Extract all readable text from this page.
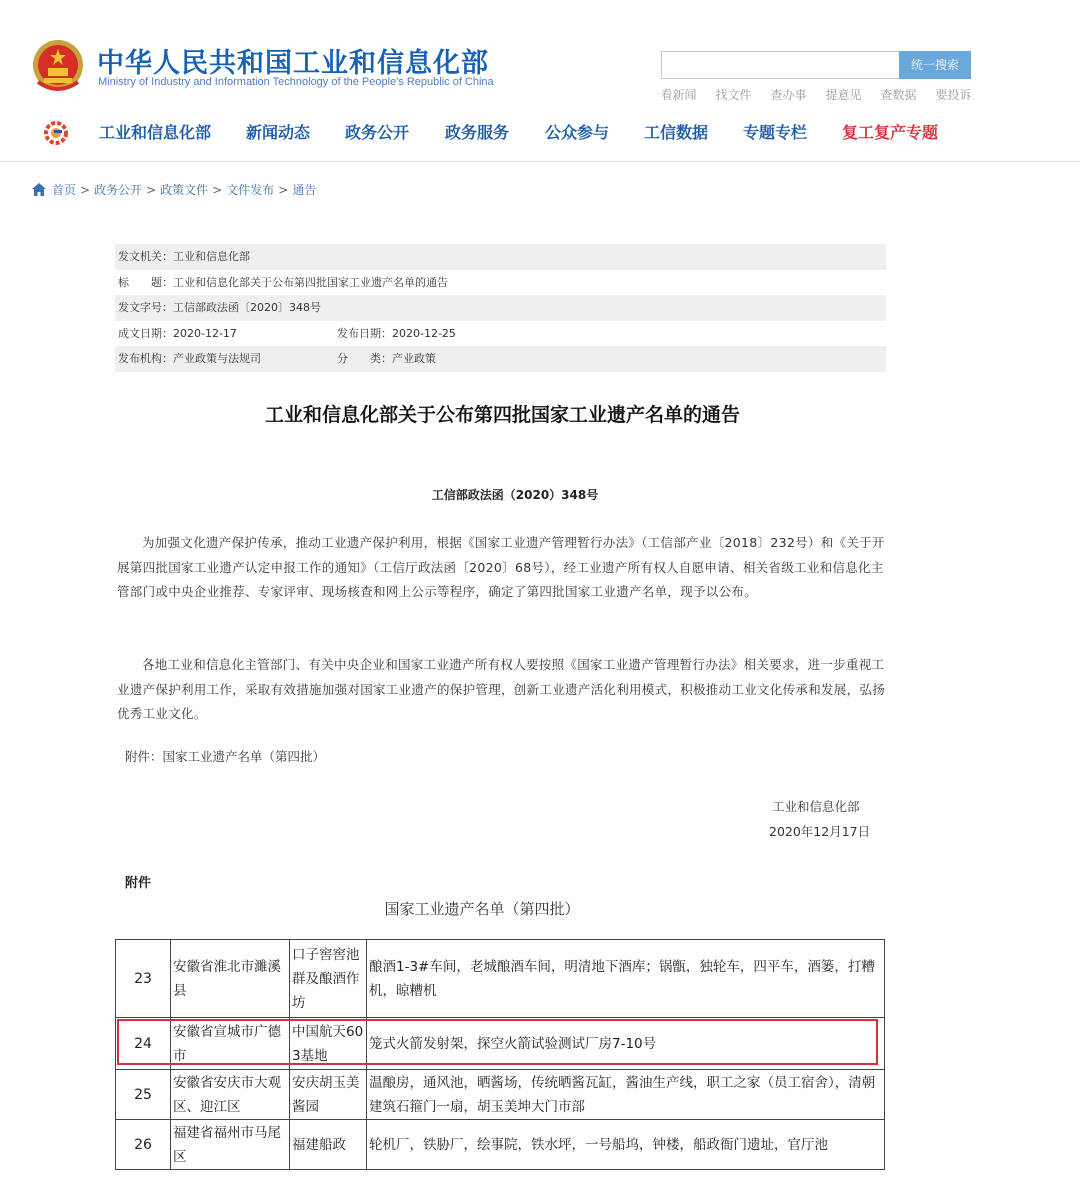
中华人民共和国工业和信息化部
Ministry of Industry and Information Technology of the People's Republic of China
统一搜索
看新闻	找文件	查办事	提意见	查数据	要投诉
工业和信息化部 新闻动态 政务公开 政务服务 公众参与 工信数据 专题专栏 复工复产专题
首页 > 政务公开 > 政策文件 > 文件发布 > 通告
发文机关：工业和信息化部
标　　题：工业和信息化部关于公布第四批国家工业遗产名单的通告
发文字号：工信部政法函〔2020〕348号
成文日期：2020-12-17	发布日期：2020-12-25
发布机构：产业政策与法规司	分　　类：产业政策
工业和信息化部关于公布第四批国家工业遗产名单的通告
工信部政法函（2020）348号
为加强文化遗产保护传承，推动工业遗产保护利用，根据《国家工业遗产管理暂行办法》（工信部产业〔2018〕232号）和《关于开展第四批国家工业遗产认定申报工作的通知》（工信厅政法函〔2020〕68号），经工业遗产所有权人自愿申请、相关省级工业和信息化主管部门或中央企业推荐、专家评审、现场核查和网上公示等程序，确定了第四批国家工业遗产名单，现予以公布。
各地工业和信息化主管部门、有关中央企业和国家工业遗产所有权人要按照《国家工业遗产管理暂行办法》相关要求，进一步重视工业遗产保护利用工作，采取有效措施加强对国家工业遗产的保护管理，创新工业遗产活化利用模式，积极推动工业文化传承和发展，弘扬优秀工业文化。
附件：国家工业遗产名单（第四批）
工业和信息化部
2020年12月17日
附件
国家工业遗产名单（第四批）
23	安徽省淮北市濉溪县	口子窖窖池群及酿酒作坊	酿酒1-3#车间，老城酿酒车间，明清地下酒库；锅甑，独轮车，四平车，酒篓，打糟机，晾糟机
24	安徽省宣城市广德市	中国航天603基地	笼式火箭发射架，探空火箭试验测试厂房7-10号
25	安徽省安庆市大观区、迎江区	安庆胡玉美酱园	温酿房，通风池，晒酱场，传统晒酱瓦缸，酱油生产线，职工之家（员工宿舍），清朝建筑石箍门一扇，胡玉美坤大门市部
26	福建省福州市马尾区	福建船政	轮机厂，铁胁厂，绘事院，铁水坪，一号船坞，钟楼，船政衙门遗址，官厅池
